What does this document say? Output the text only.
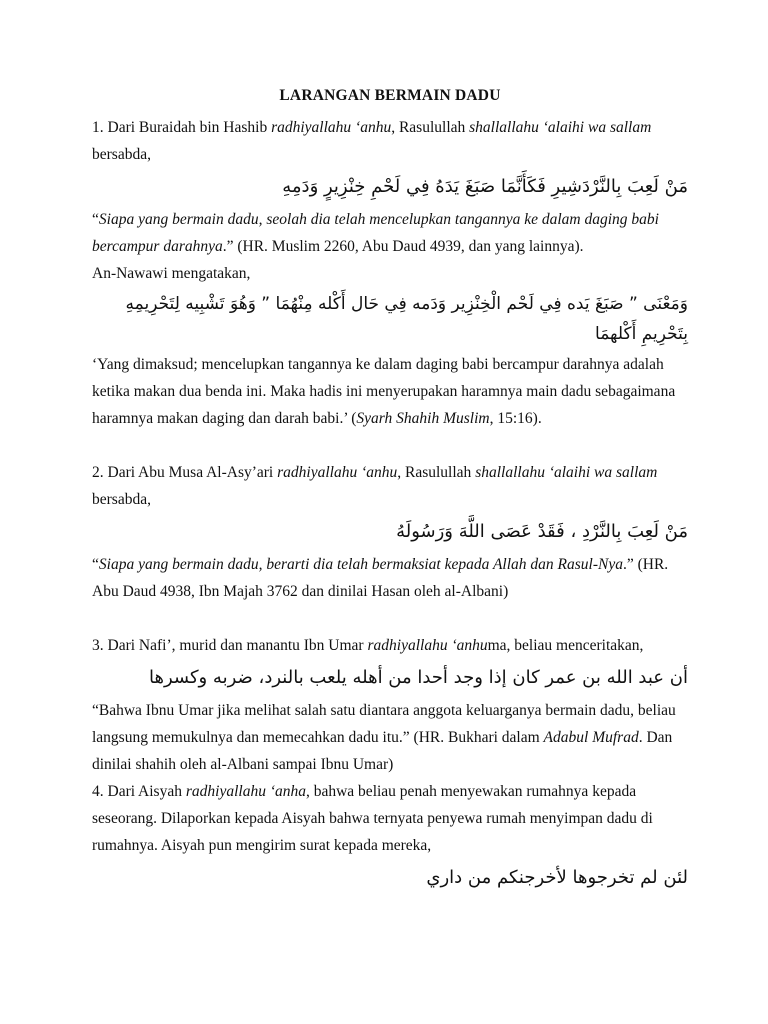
LARANGAN BERMAIN DADU

1. Dari Buraidah bin Hashib radhiyallahu ‘anhu, Rasulullah shallallahu ‘alaihi wa sallam bersabda,

مَنْ لَعِبَ بِالنَّرْدَشِيرِ فَكَأَنَّمَا صَبَغَ يَدَهُ فِي لَحْمِ خِنْزِيرٍ وَدَمِهِ

“Siapa yang bermain dadu, seolah dia telah mencelupkan tangannya ke dalam daging babi bercampur darahnya.” (HR. Muslim 2260, Abu Daud 4939, dan yang lainnya).

An-Nawawi mengatakan,

وَمَعْنَى ” صَبَغَ يَده فِي لَحْم الْخِنْزِير وَدَمه فِي حَال أَكْله مِنْهُمَا ” وَهُوَ تَشْبِيه لِتَحْرِيمِهِ بِتَحْرِيمِ أَكْلهمَا

‘Yang dimaksud; mencelupkan tangannya ke dalam daging babi bercampur darahnya adalah ketika makan dua benda ini. Maka hadis ini menyerupakan haramnya main dadu sebagaimana haramnya makan daging dan darah babi.’ (Syarh Shahih Muslim, 15:16).

2. Dari Abu Musa Al-Asy’ari radhiyallahu ‘anhu, Rasulullah shallallahu ‘alaihi wa sallam bersabda,

مَنْ لَعِبَ بِالنَّرْدِ ، فَقَدْ عَصَى اللَّهَ وَرَسُولَهُ

“Siapa yang bermain dadu, berarti dia telah bermaksiat kepada Allah dan Rasul-Nya.” (HR. Abu Daud 4938, Ibn Majah 3762 dan dinilai Hasan oleh al-Albani)

3. Dari Nafi’, murid dan manantu Ibn Umar radhiyallahu ‘anhuma, beliau menceritakan,

أن عبد الله بن عمر كان إذا وجد أحدا من أهله يلعب بالنرد، ضربه وكسرها

“Bahwa Ibnu Umar jika melihat salah satu diantara anggota keluarganya bermain dadu, beliau langsung memukulnya dan memecahkan dadu itu.” (HR. Bukhari dalam Adabul Mufrad. Dan dinilai shahih oleh al-Albani sampai Ibnu Umar)

4. Dari Aisyah radhiyallahu ‘anha, bahwa beliau penah menyewakan rumahnya kepada seseorang. Dilaporkan kepada Aisyah bahwa ternyata penyewa rumah menyimpan dadu di rumahnya. Aisyah pun mengirim surat kepada mereka,

لئن لم تخرجوها لأخرجنكم من داري
